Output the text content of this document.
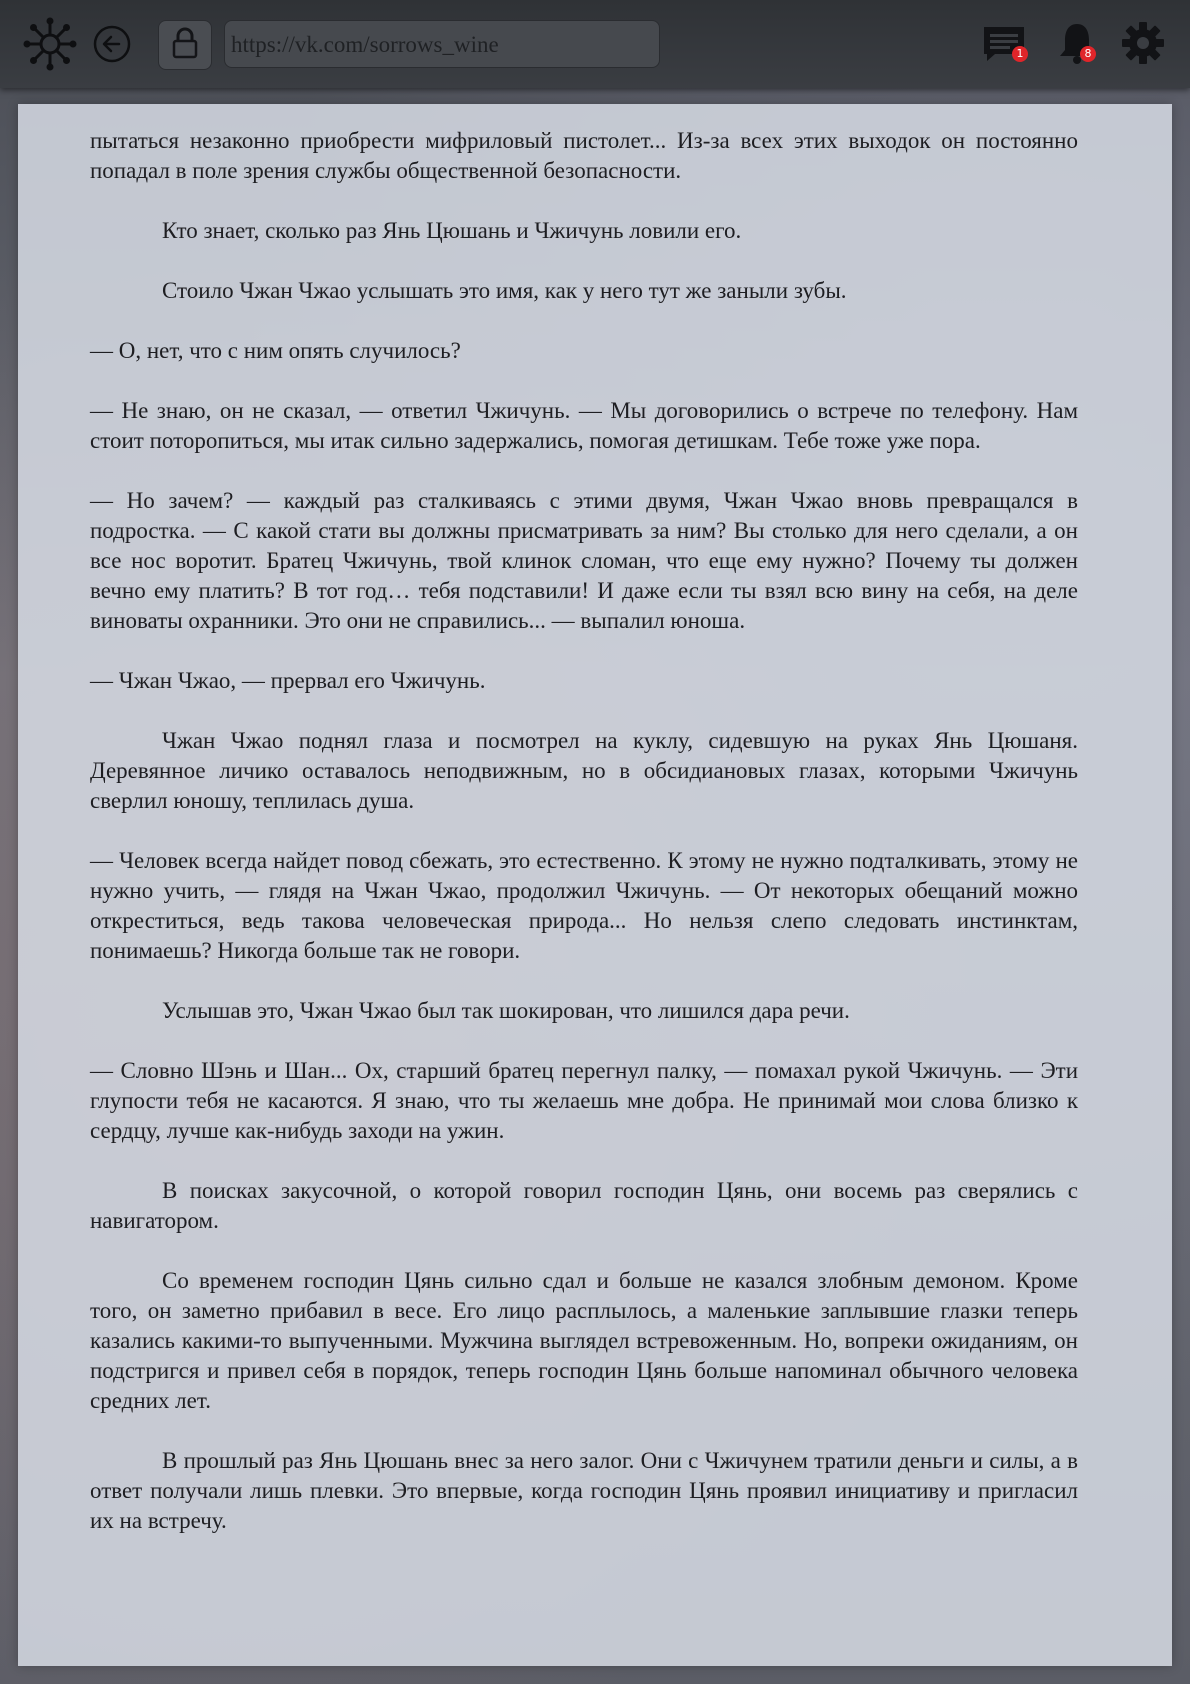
https://vk.com/sorrows_wine	1	8

пытаться незаконно приобрести мифриловый пистолет... Из-за всех этих выходок он постоянно попадал в поле зрения службы общественной безопасности.

Кто знает, сколько раз Янь Цюшань и Чжичунь ловили его.

Стоило Чжан Чжао услышать это имя, как у него тут же заныли зубы.

— О, нет, что с ним опять случилось?

— Не знаю, он не сказал, — ответил Чжичунь. — Мы договорились о встрече по телефону. Нам стоит поторопиться, мы итак сильно задержались, помогая детишкам. Тебе тоже уже пора.

— Но зачем? — каждый раз сталкиваясь с этими двумя, Чжан Чжао вновь превращался в подростка. — С какой стати вы должны присматривать за ним? Вы столько для него сделали, а он все нос воротит. Братец Чжичунь, твой клинок сломан, что еще ему нужно? Почему ты должен вечно ему платить? В тот год… тебя подставили! И даже если ты взял всю вину на себя, на деле виноваты охранники. Это они не справились... — выпалил юноша.

— Чжан Чжао, — прервал его Чжичунь.

Чжан Чжао поднял глаза и посмотрел на куклу, сидевшую на руках Янь Цюшаня. Деревянное личико оставалось неподвижным, но в обсидиановых глазах, которыми Чжичунь сверлил юношу, теплилась душа.

— Человек всегда найдет повод сбежать, это естественно. К этому не нужно подталкивать, этому не нужно учить, — глядя на Чжан Чжао, продолжил Чжичунь. — От некоторых обещаний можно откреститься, ведь такова человеческая природа... Но нельзя слепо следовать инстинктам, понимаешь? Никогда больше так не говори.

Услышав это, Чжан Чжао был так шокирован, что лишился дара речи.

— Словно Шэнь и Шан... Ох, старший братец перегнул палку, — помахал рукой Чжичунь. — Эти глупости тебя не касаются. Я знаю, что ты желаешь мне добра. Не принимай мои слова близко к сердцу, лучше как-нибудь заходи на ужин.

В поисках закусочной, о которой говорил господин Цянь, они восемь раз сверялись с навигатором.

Со временем господин Цянь сильно сдал и больше не казался злобным демоном. Кроме того, он заметно прибавил в весе. Его лицо расплылось, а маленькие заплывшие глазки теперь казались какими-то выпученными. Мужчина выглядел встревоженным. Но, вопреки ожиданиям, он подстригся и привел себя в порядок, теперь господин Цянь больше напоминал обычного человека средних лет.

В прошлый раз Янь Цюшань внес за него залог. Они с Чжичунем тратили деньги и силы, а в ответ получали лишь плевки. Это впервые, когда господин Цянь проявил инициативу и пригласил их на встречу.
